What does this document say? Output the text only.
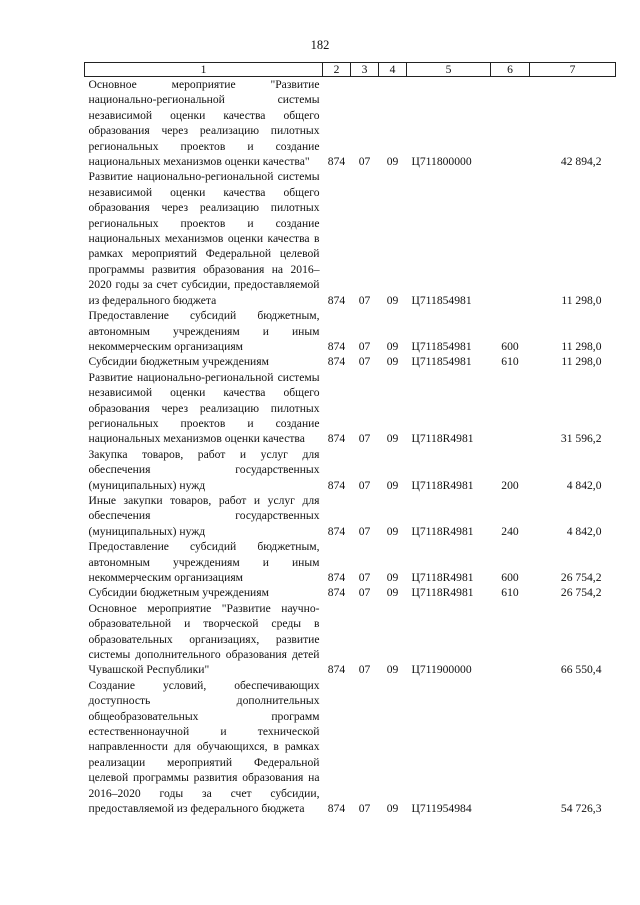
182
1	2	3	4	5	6	7
Основное мероприятие "Развитие национально-региональной системы независимой оценки качества общего образования через реализацию пилотных региональных проектов и создание национальных механизмов оценки качества"	874	07	09	Ц711800000		42 894,2
Развитие национально-региональной системы независимой оценки качества общего образования через реализацию пилотных региональных проектов и создание национальных механизмов оценки качества в рамках мероприятий Федеральной целевой программы развития образования на 2016–2020 годы за счет субсидии, предоставляемой из федерального бюджета	874	07	09	Ц711854981		11 298,0
Предоставление субсидий бюджетным, автономным учреждениям и иным некоммерческим организациям	874	07	09	Ц711854981	600	11 298,0
Субсидии бюджетным учреждениям	874	07	09	Ц711854981	610	11 298,0
Развитие национально-региональной системы независимой оценки качества общего образования через реализацию пилотных региональных проектов и создание национальных механизмов оценки качества	874	07	09	Ц7118R4981		31 596,2
Закупка товаров, работ и услуг для обеспечения государственных (муниципальных) нужд	874	07	09	Ц7118R4981	200	4 842,0
Иные закупки товаров, работ и услуг для обеспечения государственных (муниципальных) нужд	874	07	09	Ц7118R4981	240	4 842,0
Предоставление субсидий бюджетным, автономным учреждениям и иным некоммерческим организациям	874	07	09	Ц7118R4981	600	26 754,2
Субсидии бюджетным учреждениям	874	07	09	Ц7118R4981	610	26 754,2
Основное мероприятие "Развитие научно-образовательной и творческой среды в образовательных организациях, развитие системы дополнительного образования детей Чувашской Республики"	874	07	09	Ц711900000		66 550,4
Создание условий, обеспечивающих доступность дополнительных общеобразовательных программ естественнонаучной и технической направленности для обучающихся, в рамках реализации мероприятий Федеральной целевой программы развития образования на 2016–2020 годы за счет субсидии, предоставляемой из федерального бюджета	874	07	09	Ц711954984		54 726,3
